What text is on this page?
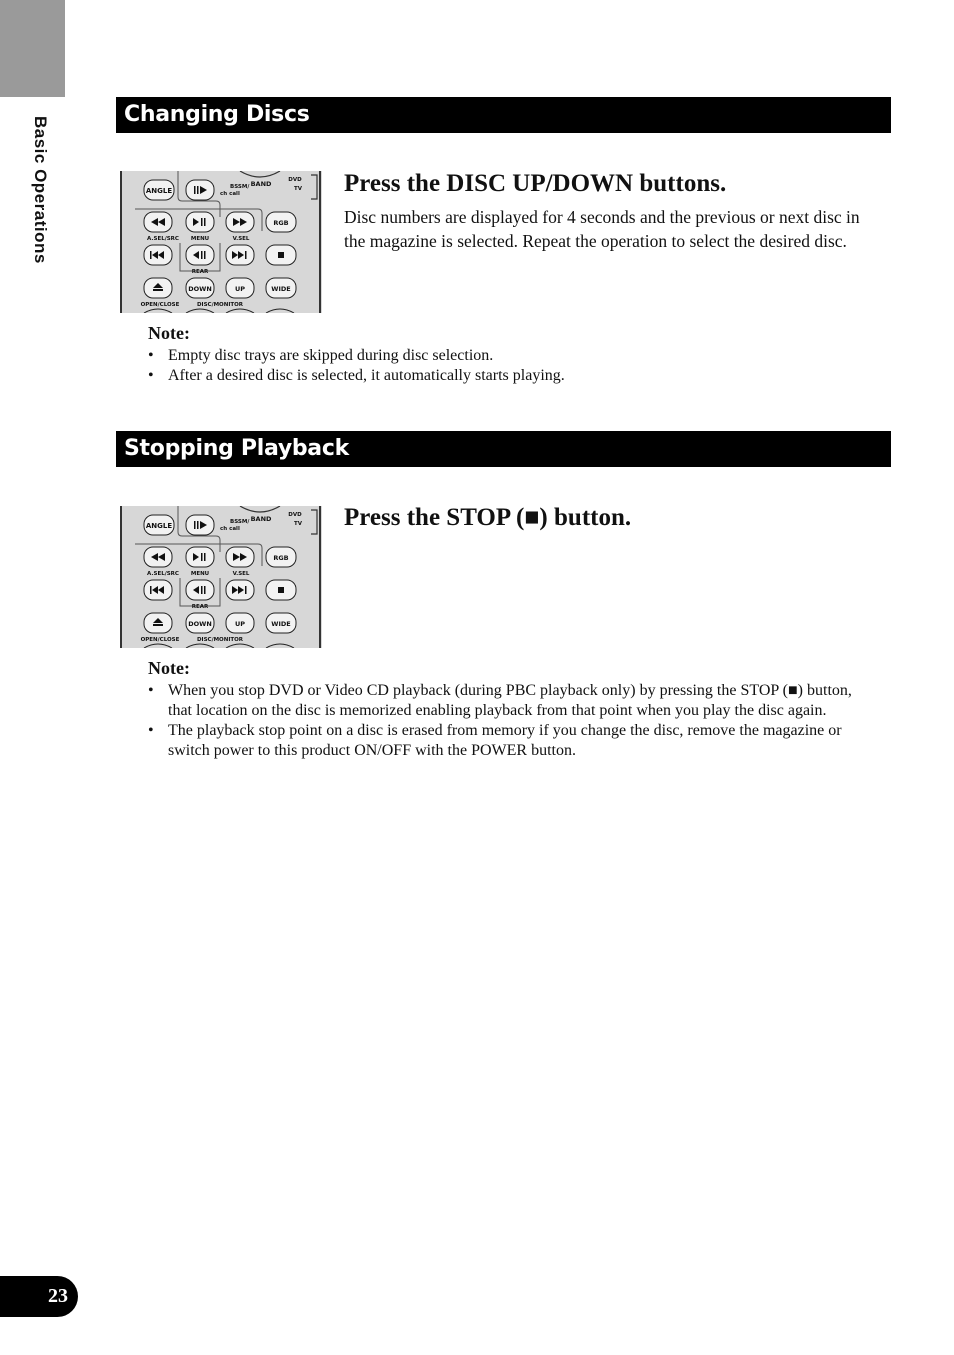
Basic Operations
Changing Discs
ANGLE	BSSM/
ch call
BAND	DVD
TV
RGB
A.SEL/SRC MENU	V.SEL
REAR
DOWN	UP	WIDE
OPEN/CLOSE	DISC/MONITOR
Press the DISC UP/DOWN buttons.

Disc numbers are displayed for 4 seconds and the previous or next disc in the magazine is selected. Repeat the operation to select the desired disc.

Note:
• Empty disc trays are skipped during disc selection.
• After a desired disc is selected, it automatically starts playing.
Stopping Playback
ANGLE	BSSM/
ch call
BAND	DVD
TV
RGB
A.SEL/SRC MENU	V.SEL
REAR
DOWN	UP	WIDE
OPEN/CLOSE	DISC/MONITOR
Press the STOP (■) button.
Note:
• When you stop DVD or Video CD playback (during PBC playback only) by pressing the STOP (■) button, that location on the disc is memorized enabling playback from that point when you play the disc again.
• The playback stop point on a disc is erased from memory if you change the disc, remove the magazine or switch power to this product ON/OFF with the POWER button.
23
